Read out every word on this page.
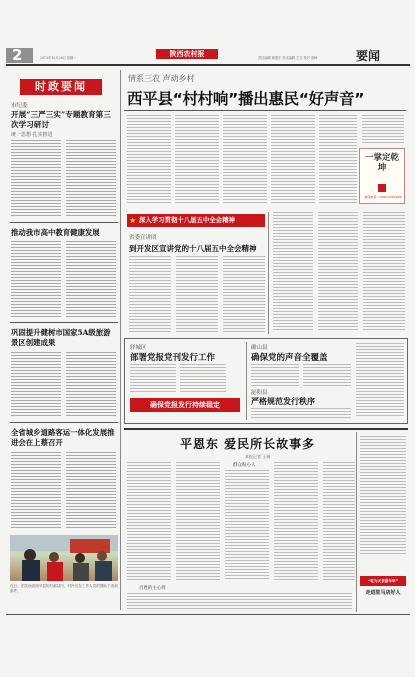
2	2013年10月28日 星期一	陕西农村报	责任编辑 黄建东 美术编辑 王文 校对 梁峰	要闻
时政要闻
市纪委
开展“三严三实”专题教育第三次学习研讨
统一思想 扎实推进
推动我市高中教育健康发展
巩固提升健树市国家5A级旅游景区创建成果
全省城乡道路客运一体化发展推进会在上蔡召开
近日，在陕西省西平县的村邮站内，村民们在工作人员的帮助下查询邮件。
情系三农 声动乡村
西平县“村村响”播出惠民“好声音”
一掌定乾坤
热线电话：0396-5261098
深入学习贯彻十八届五中全会精神
★
省委宣讲团
到开发区宣讲党的十八届五中全会精神
驿城区
部署党报党刊发行工作
确保党报发行持续稳定
确山县
确保党的声音全覆盖
泌阳县
严格规范发行秩序
平恩东 爱民所长故事多
本报记者 王瑞
群众贴心人
百姓的主心骨
“乾为天茶嘉年华”
走进驻马店好人
